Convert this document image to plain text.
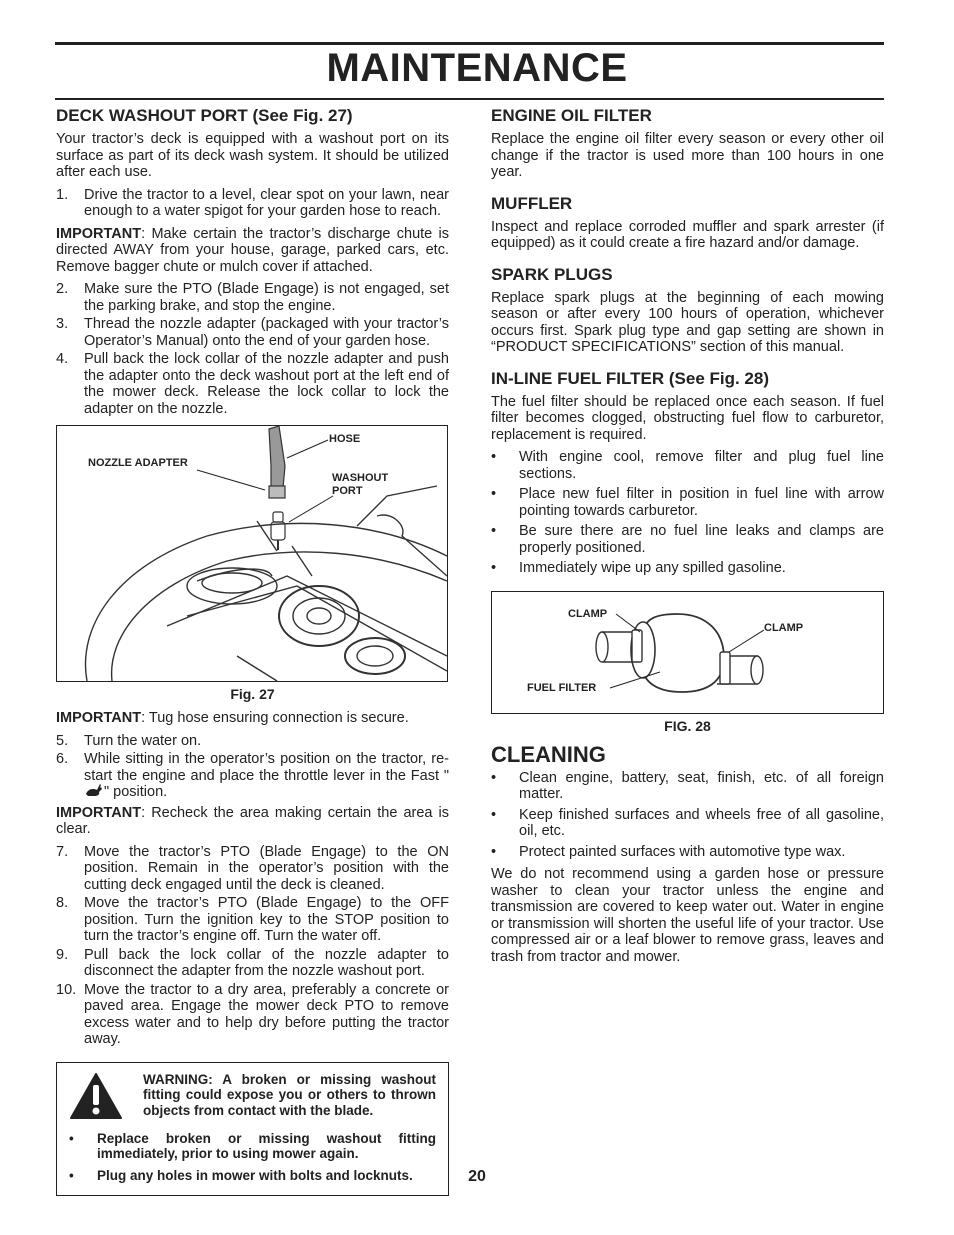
MAINTENANCE
DECK WASHOUT PORT (See Fig. 27)

Your tractor’s deck is equipped with a washout port on its surface as part of its deck wash system. It should be utilized after each use.

1.	Drive the tractor to a level, clear spot on your lawn, near enough to a water spigot for your garden hose to reach.

IMPORTANT: Make certain the tractor’s discharge chute is directed AWAY from your house, garage, parked cars, etc. Remove bagger chute or mulch cover if attached.

2.	Make sure the PTO (Blade Engage) is not engaged, set the parking brake, and stop the engine.
3.	Thread the nozzle adapter (packaged with your tractor’s Operator’s Manual) onto the end of your garden hose.
4.	Pull back the lock collar of the nozzle adapter and push the adapter onto the deck washout port at the left end of the mower deck. Release the lock collar to lock the adapter on the nozzle.
HOSE
NOZZLE ADAPTER
WASHOUT
PORT
Fig. 27

IMPORTANT: Tug hose ensuring connection is secure.

5.	Turn the water on.
6.	While sitting in the operator’s position on the tractor, re-start the engine and place the throttle lever in the Fast "" position.

IMPORTANT: Recheck the area making certain the area is clear.

7.	Move the tractor’s PTO (Blade Engage) to the ON position. Remain in the operator’s position with the cutting deck engaged until the deck is cleaned.
8.	Move the tractor’s PTO (Blade Engage) to the OFF position. Turn the ignition key to the STOP position to turn the tractor’s engine off. Turn the water off.
9.	Pull back the lock collar of the nozzle adapter to disconnect the adapter from the nozzle washout port.
10. Move the tractor to a dry area, preferably a concrete or paved area. Engage the mower deck PTO to remove excess water and to help dry before putting the tractor away.
WARNING: A broken or missing washout fitting could expose you or others to thrown objects from contact with the blade.
•	Replace broken or missing washout fitting immediately, prior to using mower again.
•	Plug any holes in mower with bolts and locknuts.
ENGINE OIL FILTER

Replace the engine oil filter every season or every other oil change if the tractor is used more than 100 hours in one year.

MUFFLER

Inspect and replace corroded muffler and spark arrester (if equipped) as it could create a fire hazard and/or damage.

SPARK PLUGS

Replace spark plugs at the beginning of each mowing season or after every 100 hours of operation, whichever occurs first. Spark plug type and gap setting are shown in “PRODUCT SPECIFICATIONS” section of this manual.

IN-LINE FUEL FILTER (See Fig. 28)

The fuel filter should be replaced once each season. If fuel filter becomes clogged, obstructing fuel flow to carburetor, replacement is required.

•	With engine cool, remove filter and plug fuel line sections.
•	Place new fuel filter in position in fuel line with arrow pointing towards carburetor.
•	Be sure there are no fuel line leaks and clamps are properly positioned.
•	Immediately wipe up any spilled gasoline.
CLAMP
CLAMP
FUEL FILTER
FIG. 28
CLEANING
•	Clean engine, battery, seat, finish, etc. of all foreign matter.
•	Keep finished surfaces and wheels free of all gasoline, oil, etc.
•	Protect painted surfaces with automotive type wax.

We do not recommend using a garden hose or pressure washer to clean your tractor unless the engine and transmission are covered to keep water out. Water in engine or transmission will shorten the useful life of your tractor. Use compressed air or a leaf blower to remove grass, leaves and trash from tractor and mower.

20
